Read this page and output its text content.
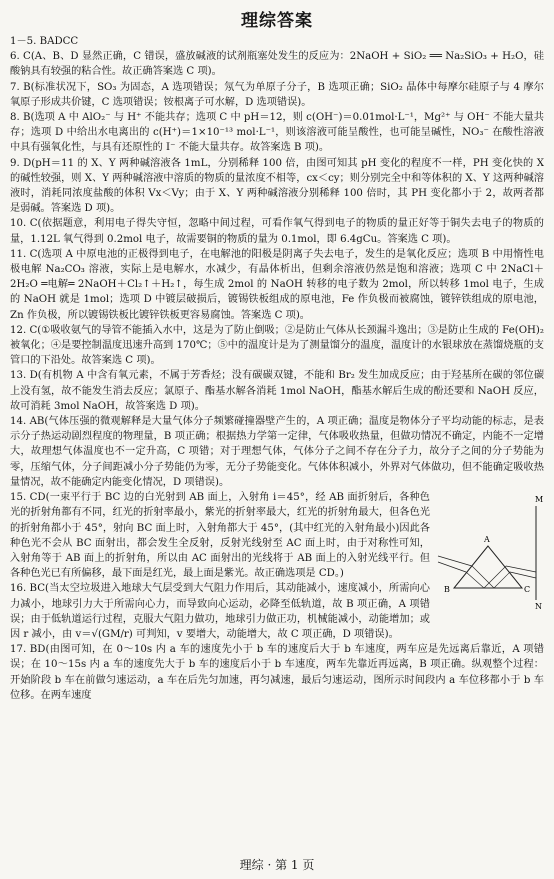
理综答案

1－5. BADCC

6. C(A、B、D 显然正确，C 错误，盛放碱液的试剂瓶塞处发生的反应为：2NaOH + SiO₂ ══ Na₂SiO₃ + H₂O，硅酸钠具有较强的粘合性。故正确答案选 C 项)。

7. B(标准状况下，SO₃ 为固态，A 选项错误；氖气为单原子分子，B 选项正确；SiO₂ 晶体中每摩尔硅原子与 4 摩尔氧原子形成共价键，C 选项错误；铵根离子可水解，D 选项错误)。

8. B(选项 A 中 AlO₂⁻ 与 H⁺ 不能共存；选项 C 中 pH＝12，则 c(OH⁻)＝0.01mol·L⁻¹，Mg²⁺ 与 OH⁻ 不能大量共存；选项 D 中给出水电离出的 c(H⁺)＝1×10⁻¹³ mol·L⁻¹，则该溶液可能呈酸性，也可能呈碱性，NO₃⁻ 在酸性溶液中具有强氧化性，与具有还原性的 I⁻ 不能大量共存。故答案选 B 项)。

9. D(pH＝11 的 X、Y 两种碱溶液各 1mL，分别稀释 100 倍，由图可知其 pH 变化的程度不一样，PH 变化快的 X 的碱性较强，则 X、Y 两种碱溶液中溶质的物质的量浓度不相等，cx＜cy；则分别完全中和等体积的 X、Y 这两种碱溶液时，消耗同浓度盐酸的体积 Vx＜Vy；由于 X、Y 两种碱溶液分别稀释 100 倍时，其 PH 变化都小于 2，故两者都是弱碱。答案选 D 项)。

10. C(依据题意，利用电子得失守恒，忽略中间过程，可看作氧气得到电子的物质的量正好等于铜失去电子的物质的量，1.12L 氧气得到 0.2mol 电子，故需要铜的物质的量为 0.1mol，即 6.4gCu。答案选 C 项)。

11. C(选项 A 中原电池的正极得到电子，在电解池的阳极是阴离子失去电子，发生的是氧化反应；选项 B 中用惰性电极电解 Na₂CO₃ 溶液，实际上是电解水，水减少，有晶体析出，但剩余溶液仍然是饱和溶液；选项 C 中 2NaCl＋2H₂O ═电解═ 2NaOH＋Cl₂↑＋H₂↑，每生成 2mol 的 NaOH 转移的电子数为 2mol，所以转移 1mol 电子，生成的 NaOH 就是 1mol；选项 D 中镀层破损后，镀锡铁板组成的原电池，Fe 作负极而被腐蚀，镀锌铁组成的原电池，Zn 作负极，所以镀锡铁板比镀锌铁板更容易腐蚀。答案选 C 项)。

12. C(①吸收氨气的导管不能插入水中，这是为了防止倒吸；②是防止气体从长颈漏斗逸出；③是防止生成的 Fe(OH)₂ 被氧化；④是要控制温度迅速升高到 170℃；⑤中的温度计是为了测量馏分的温度，温度计的水银球放在蒸馏烧瓶的支管口的下沿处。故答案选 C 项)。

13. D(有机物 A 中含有氧元素，不属于芳香烃；没有碳碳双键，不能和 Br₂ 发生加成反应；由于羟基所在碳的邻位碳上没有氢，故不能发生消去反应；氯原子、酯基水解各消耗 1mol NaOH，酯基水解后生成的酚还要和 NaOH 反应，故可消耗 3mol NaOH，故答案选 D 项)。

14. AB(气体压强的微观解释是大量气体分子频繁碰撞器壁产生的，A 项正确；温度是物体分子平均动能的标志，是表示分子热运动剧烈程度的物理量，B 项正确；根据热力学第一定律，气体吸收热量，但做功情况不确定，内能不一定增大，故理想气体温度也不一定升高，C 项错；对于理想气体，气体分子之间不存在分子力，故分子之间的分子势能为零，压缩气体，分子间距减小分子势能仍为零，无分子势能变化。气体体积减小，外界对气体做功，但不能确定吸收热量情况，故不能确定内能变化情况，D 项错误)。

M
A
B	C
N

15. CD(一束平行于 BC 边的白光射到 AB 面上，入射角 i＝45°，经 AB 面折射后，各种色光的折射角都有不同，红光的折射率最小，紫光的折射率最大，红光的折射角最大，但各色光的折射角都小于 45°，射向 BC 面上时，入射角都大于 45°，(其中红光的入射角最小)因此各种色光不会从 BC 面射出，都会发生全反射，反射光线射至 AC 面上时，由于对称性可知，入射角等于 AB 面上的折射角，所以由 AC 面射出的光线将于 AB 面上的入射光线平行。但各种色光已有所偏移，最下面是红光，最上面是紫光。故正确选项是 CD。)

16. BC(当太空垃圾进入地球大气层受到大气阻力作用后，其动能减小，速度减小，所需向心力减小，地球引力大于所需向心力，而导致向心运动，必降至低轨道，故 B 项正确，A 项错误；由于低轨道运行过程，克服大气阻力做功，地球引力做正功，机械能减小，动能增加；或因 r 减小，由 v＝√(GM/r) 可判知，v 要增大，动能增大，故 C 项正确，D 项错误)。

17. BD(由图可知，在 0～10s 内 a 车的速度先小于 b 车的速度后大于 b 车速度，两车应是先远离后靠近，A 项错误；在 10～15s 内 a 车的速度先大于 b 车的速度后小于 b 车速度，两车先靠近再远离，B 项正确。纵观整个过程：开始阶段 b 车在前做匀速运动，a 车在后先匀加速，再匀减速，最后匀速运动，图所示时间段内 a 车位移都小于 b 车位移。在两车速度

理综 · 第 1 页
